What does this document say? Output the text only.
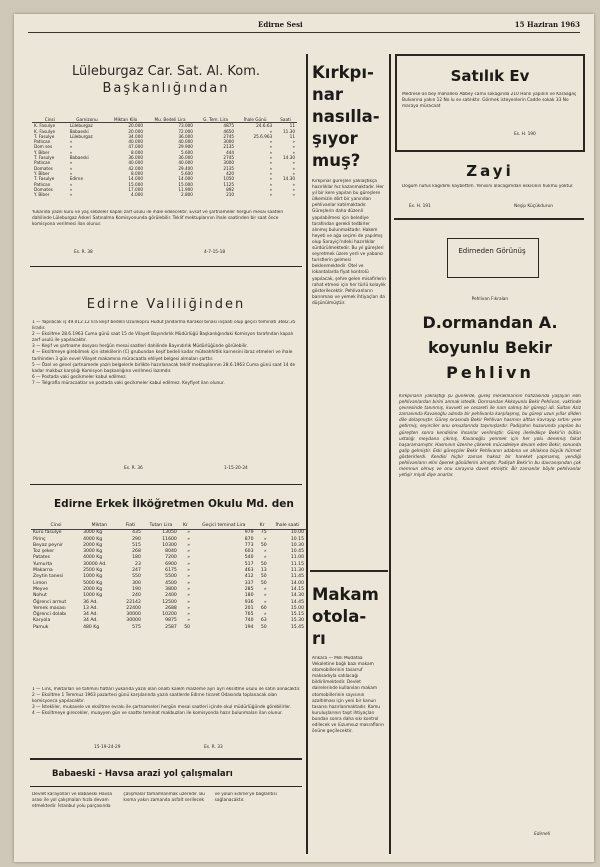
Edirne Sesi	15 Haziran 1963
Lüleburgaz Car. Sat. Al. Kom.
Başkanlığından
Cinsi	Garnizonu	Miktarı Kilo	Mu. Bedeli Lira	G. Tem. Lira	İhale Günü	Saati
K. Fasulye	Lüleburgaz	20.000	73.000	4875	24.6.63	11
K. Fasulye	Babaeski	20.000	72.000	4650	»	11.30
T. Fasulye	Lüleburgaz	34.000	36.000	2745	25.6.963	11
Patlıcan	»	40.000	40.000	3000	»	»
Dom ses	»	47.000	29.900	2135	»	»
Y. Biber	»	8.000	5.600	444	»	»
T. Fasulye	Babaeski	36.000	36.000	2745	»	14.30
Patlıcan	»	40.000	40.000	3000	»	»
Domates	»	42.000	29.400	2135	»	»
Y. Biber	»	8.000	5.600	420	»	»
T. Fasulye	Edirne	14.000	14.000	1050	»	14.30
Patlıcan	»	15.000	15.000	1125	»	»
Domates	»	17.000	11.900	892	»	»
Y. Biber	»	4.000	2.800	210	»	»
Yukarıda yazılı kuru ve yaş sebzeler kapalı zarf usulü ile ihale edilecektir. Evsaf ve şartnameler hergün mesai saatleri dahilinde Lüleburgaz Askeri Satınalma Komisyonunda görülebilir. Teklif mektuplarının ihale saatinden bir saat önce komisyona verilmesi ilan olunur.
Es. R. 38	4-7-15-18
Edirne Valiliğinden
1 — Yapılacak iş 49.012.12 lira keşif bedelli Uzunköprü Hudut Jandarma Karakol binası inşaatı olup geçici teminatı 3682.35 liradır.
2 — Eksiltme 28.6.1963 Cuma günü saat 15 de Vilayet Bayındırlık Müdürlüğü Başkanlığındaki Komisyon tarafından kapalı zarf usulü ile yapılacaktır.
3 — Keşif ve şartname dosyası herğün mesai saatleri dahilinde Bayındırlık Müdürlüğünde görülebilir.
4 — Eksiltmeye girebilmek için isteklilerin (C) grubundan keşif bedeli kadar müteahhitlik karnesini ibraz etmeleri ve ihale tarihinden 3 gün evvel Vilayet makamına müracaatla ehliyet belgesi almaları şarttır.
5 — Özel ve genel şartnamede yazılı belgelerle birlikte hazırlanacak teklif mektuplarının 28.6.1963 Cuma günü saat 14 de kadar makbuz karşılığı Komisyon başkanlığına verilmesi lazımdır.
6 — Postada vaki gecikmeler kabul edilmez.
7 — Telgrafla müracaatlar ve postada vaki gecikmeler kabul edilmez. Keyfiyet ilan olunur.
Es. R. 36	1-15-20-24
Edirne Erkek İlköğretmen Okulu Md. den
Cinsi	Miktarı	Fiati	Tutarı Lira	Kr	Geçici teminat Lira	Kr	İhale saati
Kuru fasulye	3000 Kg	435	13050	»	979	75	10.00
Pirinç	4000 Kg	290	11600	»	870	»	10.15
Beyaz peynir	2000 Kg	515	10300	»	773	50	10.30
Toz şeker	3000 Kg	268	8040	»	603	»	10.45
Patates	4000 Kg	180	7200	»	540	»	11.00
Yumurta	30000 Ad.	23	6900	»	517	50	11.15
Makarna	2500 Kg	247	6175	»	463	13	11.30
Zeytin tanesi	1000 Kg	550	5500	»	412	50	11.45
Limon	5000 Kg	300	4500	»	337	50	14.00
Meyve	2000 Kg	190	3800	»	285	»	14.15
Nohut	1000 Kg	240	2400	»	180	»	14.30
Öğrenci armut	36 Ad.	22142	12500	»	936	»	14.45
Yemek masası	13 Ad.	22400	2688	»	201	60	15.00
Öğrenci dolabı	34 Ad.	30000	10200	»	765	»	15.15
Karyola	34 Ad.	30000	9875	»	740	63	15.30
Pamuk	480 Kg	575	2587	50	194	50	15.45
1 — Cins, miktarları ve tahmini fiatları yukarıda yazılı olan onaltı kalem malzeme ayrı ayrı eksiltme usulü ile satın alınacaktır.
2 — Eksiltme 1 Temmuz 1963 pazartesi günü karşılarında yazılı saatlerde Edirne ticaret Odasında toplanacak olan komisyonca yapılacaktır.
3 — İstekliler, mukavele ve eksiltme evrakı ile şartnameleri hergün mesai saatleri içinde okul müdürlüğünde görebilirler.
4 — Eksiltmeye girecekler, muayyen gün ve saatte teminat makbuzları ile komisyonda hazır bulunmaları ilan olunur.
15-19-24-29	Es. R. 33
Babaeski - Havsa arazi yol çalışmaları
Devlet karayolları ve Babaeski Havsa arası ile yol çalışmaları hızla devam etmektedir. İstanbul yolu parçasında çalışmalar tamamlanmak üzeredir. Bu kısma yakın zamanda asfalt serilecek ve yolun Edirne'ye bağlantısı sağlanacaktır.
Kırkpı-
nar
nasılla-
şıyor
muş?
Kırkpınar güreşleri yaklaştıkça hazırlıklar hız kazanmaktadır. Her yıl bir kere yapılan bu güreşlere ülkemizin dört bir yanından pehlivanlar katılmaktadır. Güreşlerin daha düzenli yapılabilmesi için belediye tarafından gerekli tedbirler alınmış bulunmaktadır. Hakem heyeti ve ağa seçimi de yapılmış olup Sarayiçi'ndeki hazırlıklar sürdürülmektedir. Bu yıl güreşleri seyretmek üzere yerli ve yabancı turistlerin gelmesi beklenmektedir. Otel ve lokantalarda fiyat kontrolü yapılacak, şehre gelen misafirlerin rahat etmesi için her türlü kolaylık gösterilecektir. Pehlivanların barınması ve yemek ihtiyaçları da düşünülmüştür.
Makam
otola-
rı
Ankara — Milli Müdafaa Vekaletine bağlı bazı makam otomobillerinin tasarruf maksadıyla satılacağı bildirilmektedir. Devlet dairelerinde kullanılan makam otomobillerinin sayısının azaltılması için yeni bir kanun tasarısı hazırlanmaktadır. Kamu kuruluşlarının taşıt ihtiyaçları bundan sonra daha sıkı kontrol edilecek ve lüzumsuz masrafların önüne geçilecektir.
Satılık Ev
Medrese-ali bey mahallesi Abbey camii sokağında 210 Hanli yapının ve Karaağaç Bulvarına yakın 12 No lu ev satılıktır. Görmek isteyenlerin Cadde sokak 33 No maraya müracaat
Es. H. 190
Zayi
Doğum nüfus kağıdımı kaybettim. Yenisini alacağımdan eskisinin hükmü yoktur.
Es. H. 191	Neşip Küçükdurun
Edirneden Görünüş
Pehlivan Fıkraları
D.ormandan A.
koyunlu Bekir
Pehlivn
Kırkpınarın yaklaştığı şu günlerde, güreş meraklılarının hafızasında yaşayan eski pehlivanlardan birini anmak istedik. Dormandan Akkoyunlu Bekir Pehlivan, vaktinde çevresinde tanınmış, kuvveti ve cesareti ile nam salmış bir güreşçi idi. Sultan Aziz zamanında Kavanoğlu adında bir pehlivanla karşılaşmış, bu güreşi uzun yıllar dilden dile dolaşmıştır. Güreş sırasında Bekir Pehlivan hasmını alttan kavrayıp sırtını yere getirmiş, seyirciler onu omuzlarında taşımışlardır. Padişahın huzurunda yapılan bu güreşten sonra kendisine ihsanlar verilmiştir. Güreş ilerledikçe Bekir'in bütün ustalığı meydana çıkmış, Kavanoğlu yenmek için her yolu denemiş fakat başaramamıştır. Hasmının üzerine çökerek mücadeleye devam eden Bekir, sonunda galip gelmiştir. Eski güreşçiler Bekir Pehlivanın adabına ve ahlakına büyük hürmet gösterirlerdi. Kendisi hiçbir zaman haksız bir hareket yapmamış, yendiği pehlivanların elini öperek gönüllerini almıştır. Padişah Bekir'in bu davranışından çok memnun olmuş ve onu sarayına davet etmiştir. Bir zamanlar böyle pehlivanlar yetişir miydi diye anarlar.
Edirneli
